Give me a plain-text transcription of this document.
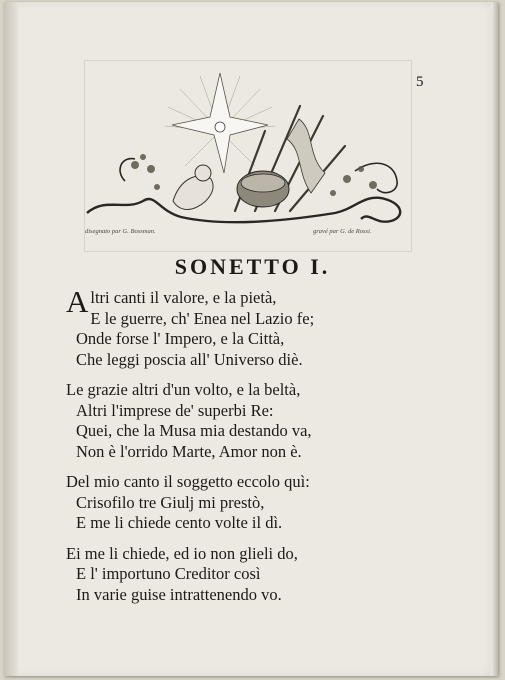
5
disegnato par G. Bossman.	gravé par G. de Rossi.
SONETTO I.
Altri canti il valore, e la pietà,
E le guerre, ch' Enea nel Lazio fe;
Onde forse l' Impero, e la Città,
Che leggi poscia all' Universo diè.
Le grazie altri d'un volto, e la beltà,
Altri l'imprese de' superbi Re:
Quei, che la Musa mia destando va,
Non è l'orrido Marte, Amor non è.
Del mio canto il soggetto eccolo quì:
Crisofilo tre Giulj mi prestò,
E me li chiede cento volte il dì.
Ei me li chiede, ed io non glieli do,
E l' importuno Creditor così
In varie guise intrattenendo vo.
